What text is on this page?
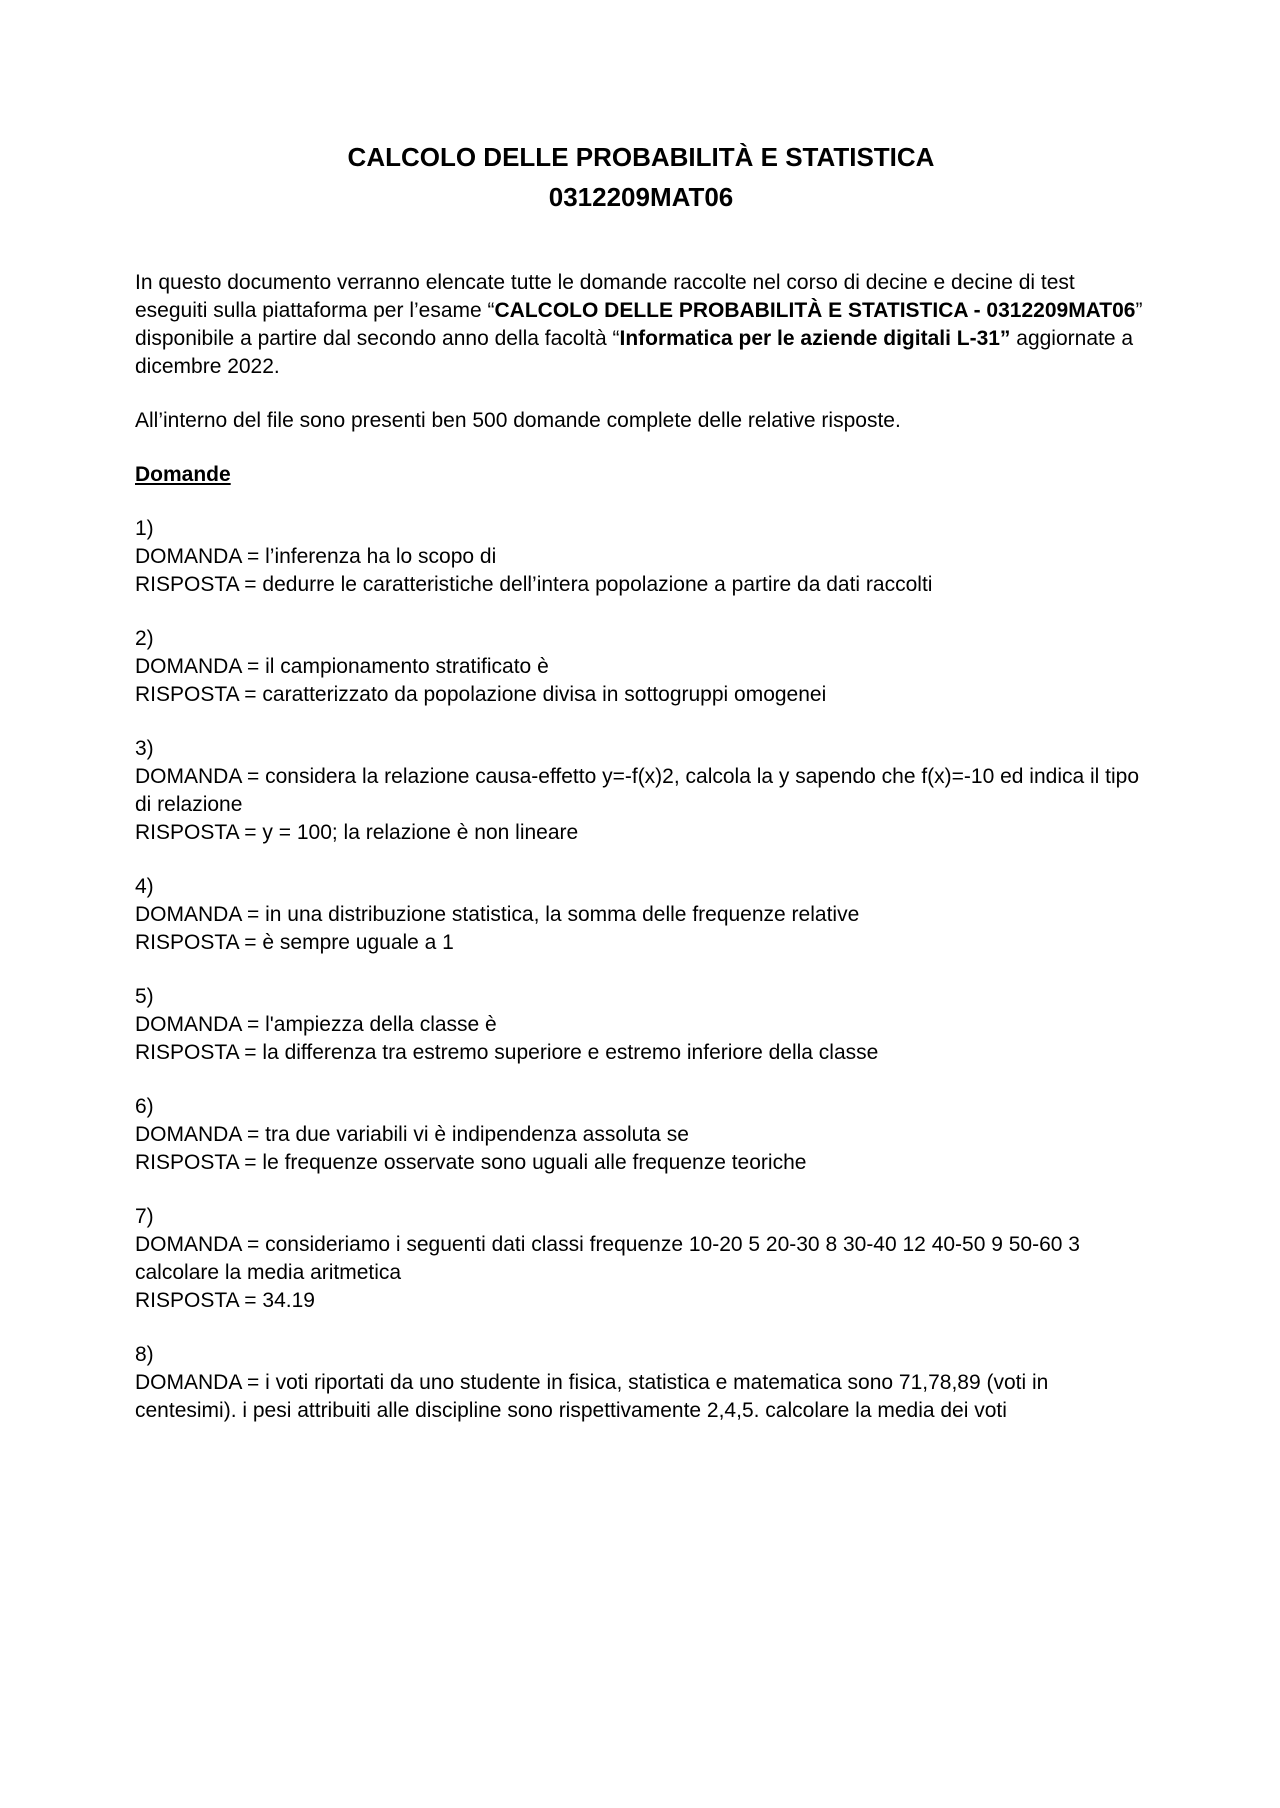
CALCOLO DELLE PROBABILITÀ E STATISTICA
0312209MAT06

In questo documento verranno elencate tutte le domande raccolte nel corso di decine e decine di test eseguiti sulla piattaforma per l’esame “CALCOLO DELLE PROBABILITÀ E STATISTICA - 0312209MAT06” disponibile a partire dal secondo anno della facoltà “Informatica per le aziende digitali L-31” aggiornate a dicembre 2022.

All’interno del file sono presenti ben 500 domande complete delle relative risposte.

Domande

1)
DOMANDA = l’inferenza ha lo scopo di
RISPOSTA = dedurre le caratteristiche dell’intera popolazione a partire da dati raccolti
2)
DOMANDA = il campionamento stratificato è
RISPOSTA = caratterizzato da popolazione divisa in sottogruppi omogenei
3)
DOMANDA = considera la relazione causa-effetto y=-f(x)2, calcola la y sapendo che f(x)=-10 ed indica il tipo di relazione
RISPOSTA = y = 100; la relazione è non lineare
4)
DOMANDA = in una distribuzione statistica, la somma delle frequenze relative
RISPOSTA = è sempre uguale a 1
5)
DOMANDA = l'ampiezza della classe è
RISPOSTA = la differenza tra estremo superiore e estremo inferiore della classe
6)
DOMANDA = tra due variabili vi è indipendenza assoluta se
RISPOSTA = le frequenze osservate sono uguali alle frequenze teoriche
7)
DOMANDA = consideriamo i seguenti dati classi frequenze 10-20 5 20-30 8 30-40 12 40-50 9 50-60 3 calcolare la media aritmetica
RISPOSTA = 34.19
8)
DOMANDA = i voti riportati da uno studente in fisica, statistica e matematica sono 71,78,89 (voti in centesimi). i pesi attribuiti alle discipline sono rispettivamente 2,4,5. calcolare la media dei voti
